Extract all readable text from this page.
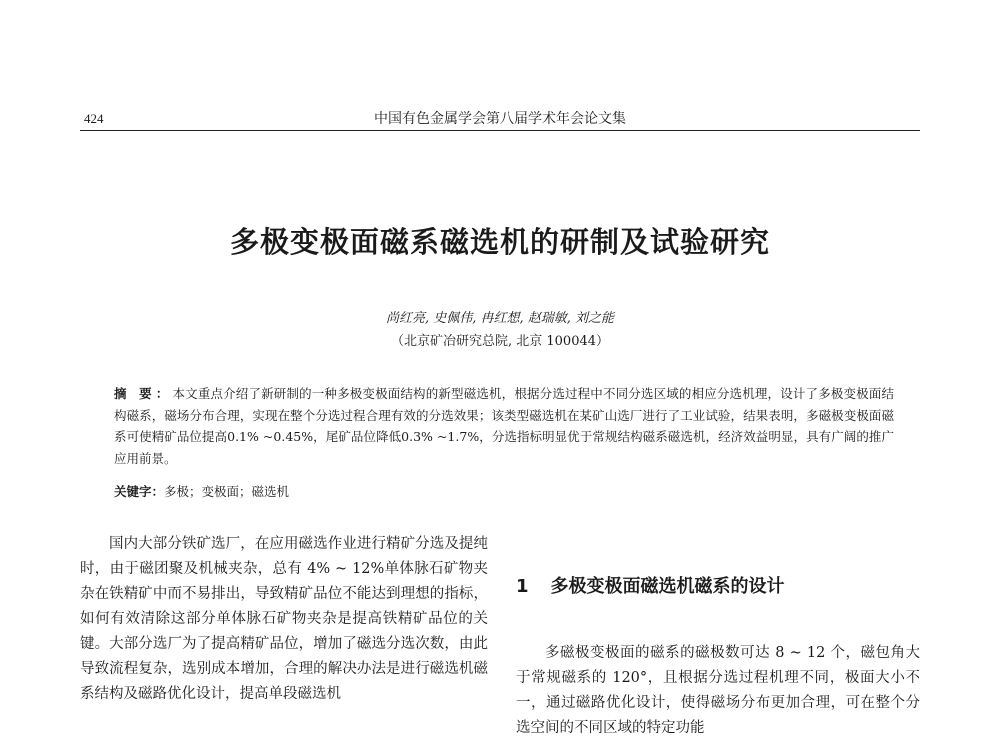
424	中国有色金属学会第八届学术年会论文集
多极变极面磁系磁选机的研制及试验研究
尚红亮, 史佩伟, 冉红想, 赵瑞敏, 刘之能
（北京矿冶研究总院, 北京 100044）
摘 要：本文重点介绍了新研制的一种多极变极面结构的新型磁选机，根据分选过程中不同分选区域的相应分选机理，设计了多极变极面结构磁系，磁场分布合理，实现在整个分选过程合理有效的分选效果；该类型磁选机在某矿山选厂进行了工业试验，结果表明，多磁极变极面磁系可使精矿品位提高0.1% ~0.45%，尾矿品位降低0.3% ~1.7%，分选指标明显优于常规结构磁系磁选机，经济效益明显，具有广阔的推广应用前景。
关键字：多极；变极面；磁选机
国内大部分铁矿选厂，在应用磁选作业进行精矿分选及提纯时，由于磁团聚及机械夹杂，总有 4% ~ 12%单体脉石矿物夹杂在铁精矿中而不易排出，导致精矿品位不能达到理想的指标，如何有效清除这部分单体脉石矿物夹杂是提高铁精矿品位的关键。大部分选厂为了提高精矿品位，增加了磁选分选次数，由此导致流程复杂，选别成本增加，合理的解决办法是进行磁选机磁系结构及磁路优化设计，提高单段磁选机
1 多极变极面磁选机磁系的设计
多磁极变极面的磁系的磁极数可达 8 ~ 12 个，磁包角大于常规磁系的 120°，且根据分选过程机理不同，极面大小不一，通过磁路优化设计，使得磁场分布更加合理，可在整个分选空间的不同区域的特定功能
